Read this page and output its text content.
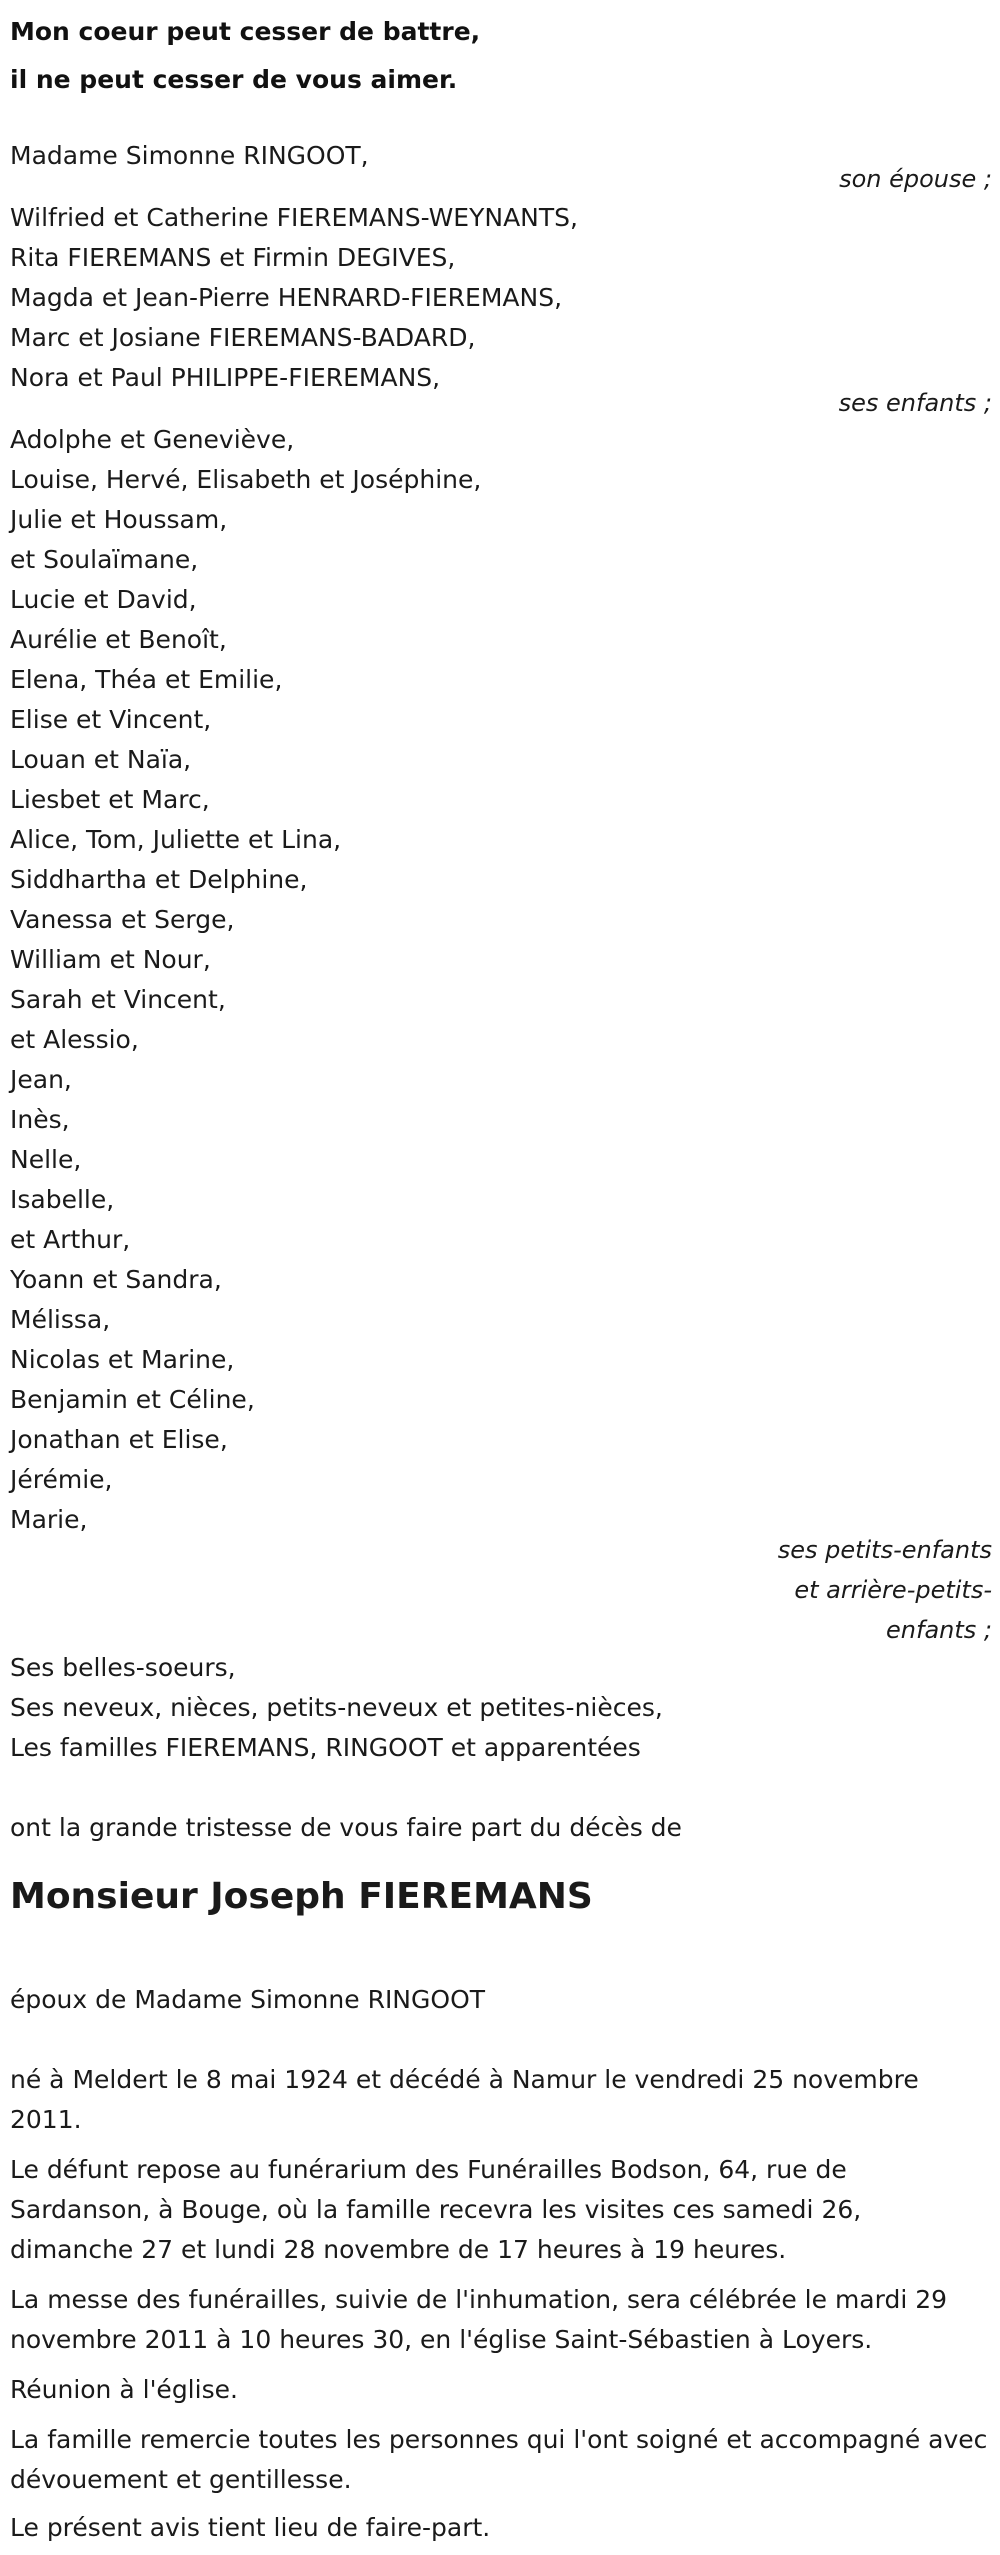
Mon coeur peut cesser de battre,
il ne peut cesser de vous aimer.
Madame Simonne RINGOOT,
son épouse ;
Wilfried et Catherine FIEREMANS-WEYNANTS,
Rita FIEREMANS et Firmin DEGIVES,
Magda et Jean-Pierre HENRARD-FIEREMANS,
Marc et Josiane FIEREMANS-BADARD,
Nora et Paul PHILIPPE-FIEREMANS,
ses enfants ;
Adolphe et Geneviève,
Louise, Hervé, Elisabeth et Joséphine,
Julie et Houssam,
et Soulaïmane,
Lucie et David,
Aurélie et Benoît,
Elena, Théa et Emilie,
Elise et Vincent,
Louan et Naïa,
Liesbet et Marc,
Alice, Tom, Juliette et Lina,
Siddhartha et Delphine,
Vanessa et Serge,
William et Nour,
Sarah et Vincent,
et Alessio,
Jean,
Inès,
Nelle,
Isabelle,
et Arthur,
Yoann et Sandra,
Mélissa,
Nicolas et Marine,
Benjamin et Céline,
Jonathan et Elise,
Jérémie,
Marie,
ses petits-enfants
et arrière-petits-
enfants ;
Ses belles-soeurs,
Ses neveux, nièces, petits-neveux et petites-nièces,
Les familles FIEREMANS, RINGOOT et apparentées
ont la grande tristesse de vous faire part du décès de
Monsieur Joseph FIEREMANS
époux de Madame Simonne RINGOOT
né à Meldert le 8 mai 1924 et décédé à Namur le vendredi 25 novembre 2011.
Le défunt repose au funérarium des Funérailles Bodson, 64, rue de Sardanson, à Bouge, où la famille recevra les visites ces samedi 26, dimanche 27 et lundi 28 novembre de 17 heures à 19 heures.
La messe des funérailles, suivie de l'inhumation, sera célébrée le mardi 29 novembre 2011 à 10 heures 30, en l'église Saint-Sébastien à Loyers.
Réunion à l'église.
La famille remercie toutes les personnes qui l'ont soigné et accompagné avec dévouement et gentillesse.
Le présent avis tient lieu de faire-part.
